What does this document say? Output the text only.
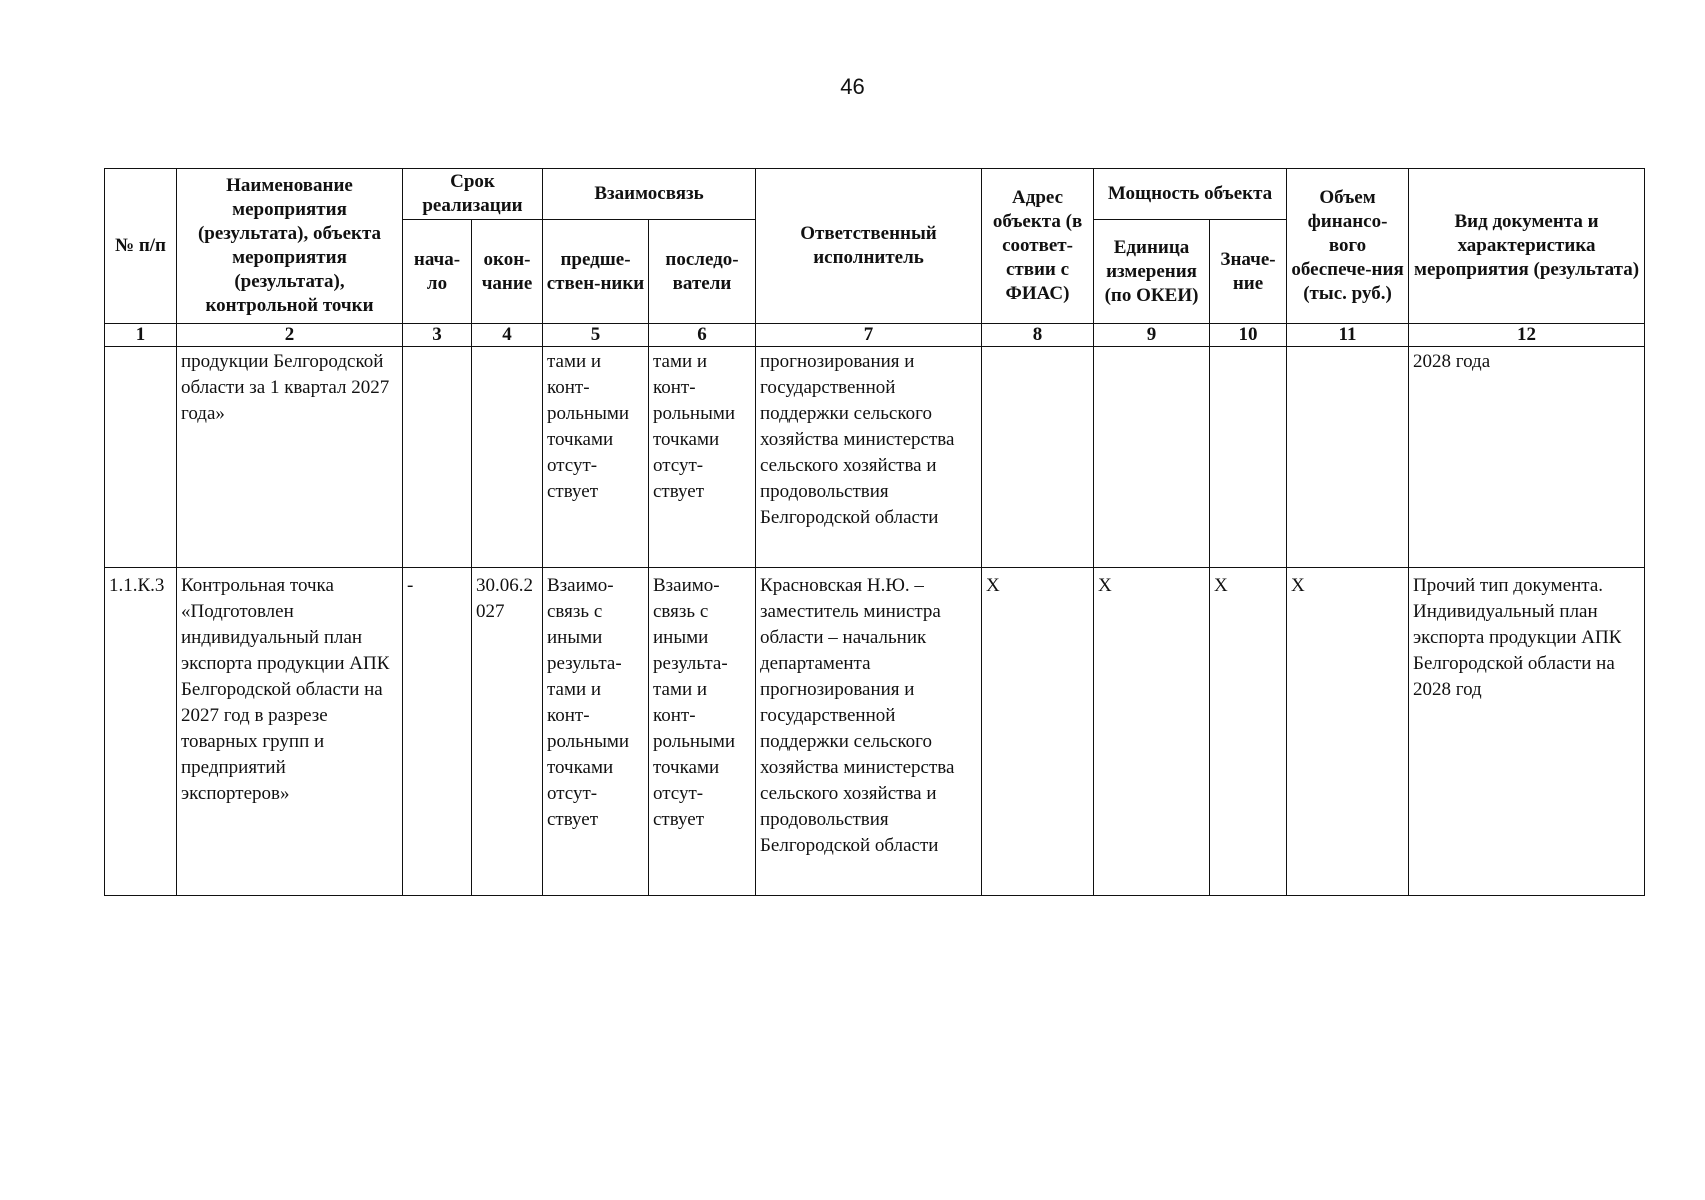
46
№ п/п	Наименование мероприятия (результата), объекта мероприятия (результата), контрольной точки	Срок реализации		Взаимосвязь		Ответственный исполнитель	Адрес объекта (в соответ-ствии с ФИАС)	Мощность объекта		Объем финансо-вого обеспече-ния (тыс. руб.)	Вид документа и характеристика мероприятия (результата)
		нача-ло	окон-чание	предше-ствен-ники	последо-ватели			Единица измерения (по ОКЕИ)	Значе-ние		
1	2	3	4	5	6	7	8	9	10	11	12
	продукции Белгородской области за 1 квартал 2027 года»			тами и конт-рольными точками отсут-ствует	тами и конт-рольными точками отсут-ствует	прогнозирования и государственной поддержки сельского хозяйства министерства сельского хозяйства и продовольствия Белгородской области					2028 года
1.1.К.3	Контрольная точка «Подготовлен индивидуальный план экспорта продукции АПК Белгородской области на 2027 год в разрезе товарных групп и предприятий экспортеров»	-	30.06.2027	Взаимо-связь с иными результа-тами и конт-рольными точками отсут-ствует	Взаимо-связь с иными результа-тами и конт-рольными точками отсут-ствует	Красновская Н.Ю. – заместитель министра области – начальник департамента прогнозирования и государственной поддержки сельского хозяйства министерства сельского хозяйства и продовольствия Белгородской области	X	X	X	X	Прочий тип документа. Индивидуальный план экспорта продукции АПК Белгородской области на 2028 год
